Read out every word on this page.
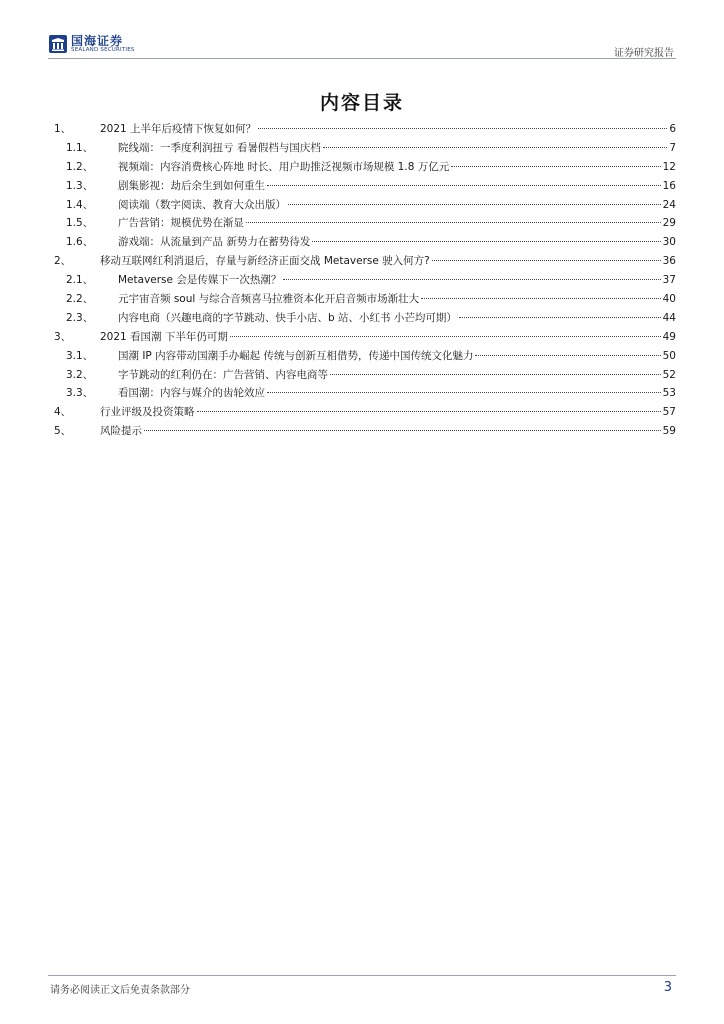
国海证券
SEALAND SECURITIES	证券研究报告
内容目录
1、	2021 上半年后疫情下恢复如何？	6
1.1、	院线端：一季度利润扭亏 看暑假档与国庆档	7
1.2、	视频端：内容消费核心阵地 时长、用户助推泛视频市场规模 1.8 万亿元	12
1.3、	剧集影视：劫后余生到如何重生	16
1.4、	阅读端（数字阅读、教育大众出版）	24
1.5、	广告营销：规模优势在渐显	29
1.6、	游戏端：从流量到产品 新势力在蓄势待发	30
2、	移动互联网红利消退后，存量与新经济正面交战 Metaverse 驶入何方?	36
2.1、	Metaverse 会是传媒下一次热潮？	37
2.2、	元宇宙音频 soul 与综合音频喜马拉雅资本化开启音频市场渐壮大	40
2.3、	内容电商（兴趣电商的字节跳动、快手小店、b 站、小红书 小芒均可期）	44
3、	2021 看国潮 下半年仍可期	49
3.1、	国潮 IP 内容带动国潮手办崛起 传统与创新互相借势，传递中国传统文化魅力	50
3.2、	字节跳动的红利仍在：广告营销、内容电商等	52
3.3、	看国潮：内容与媒介的齿轮效应	53
4、	行业评级及投资策略	57
5、	风险提示	59
请务必阅读正文后免责条款部分	3
